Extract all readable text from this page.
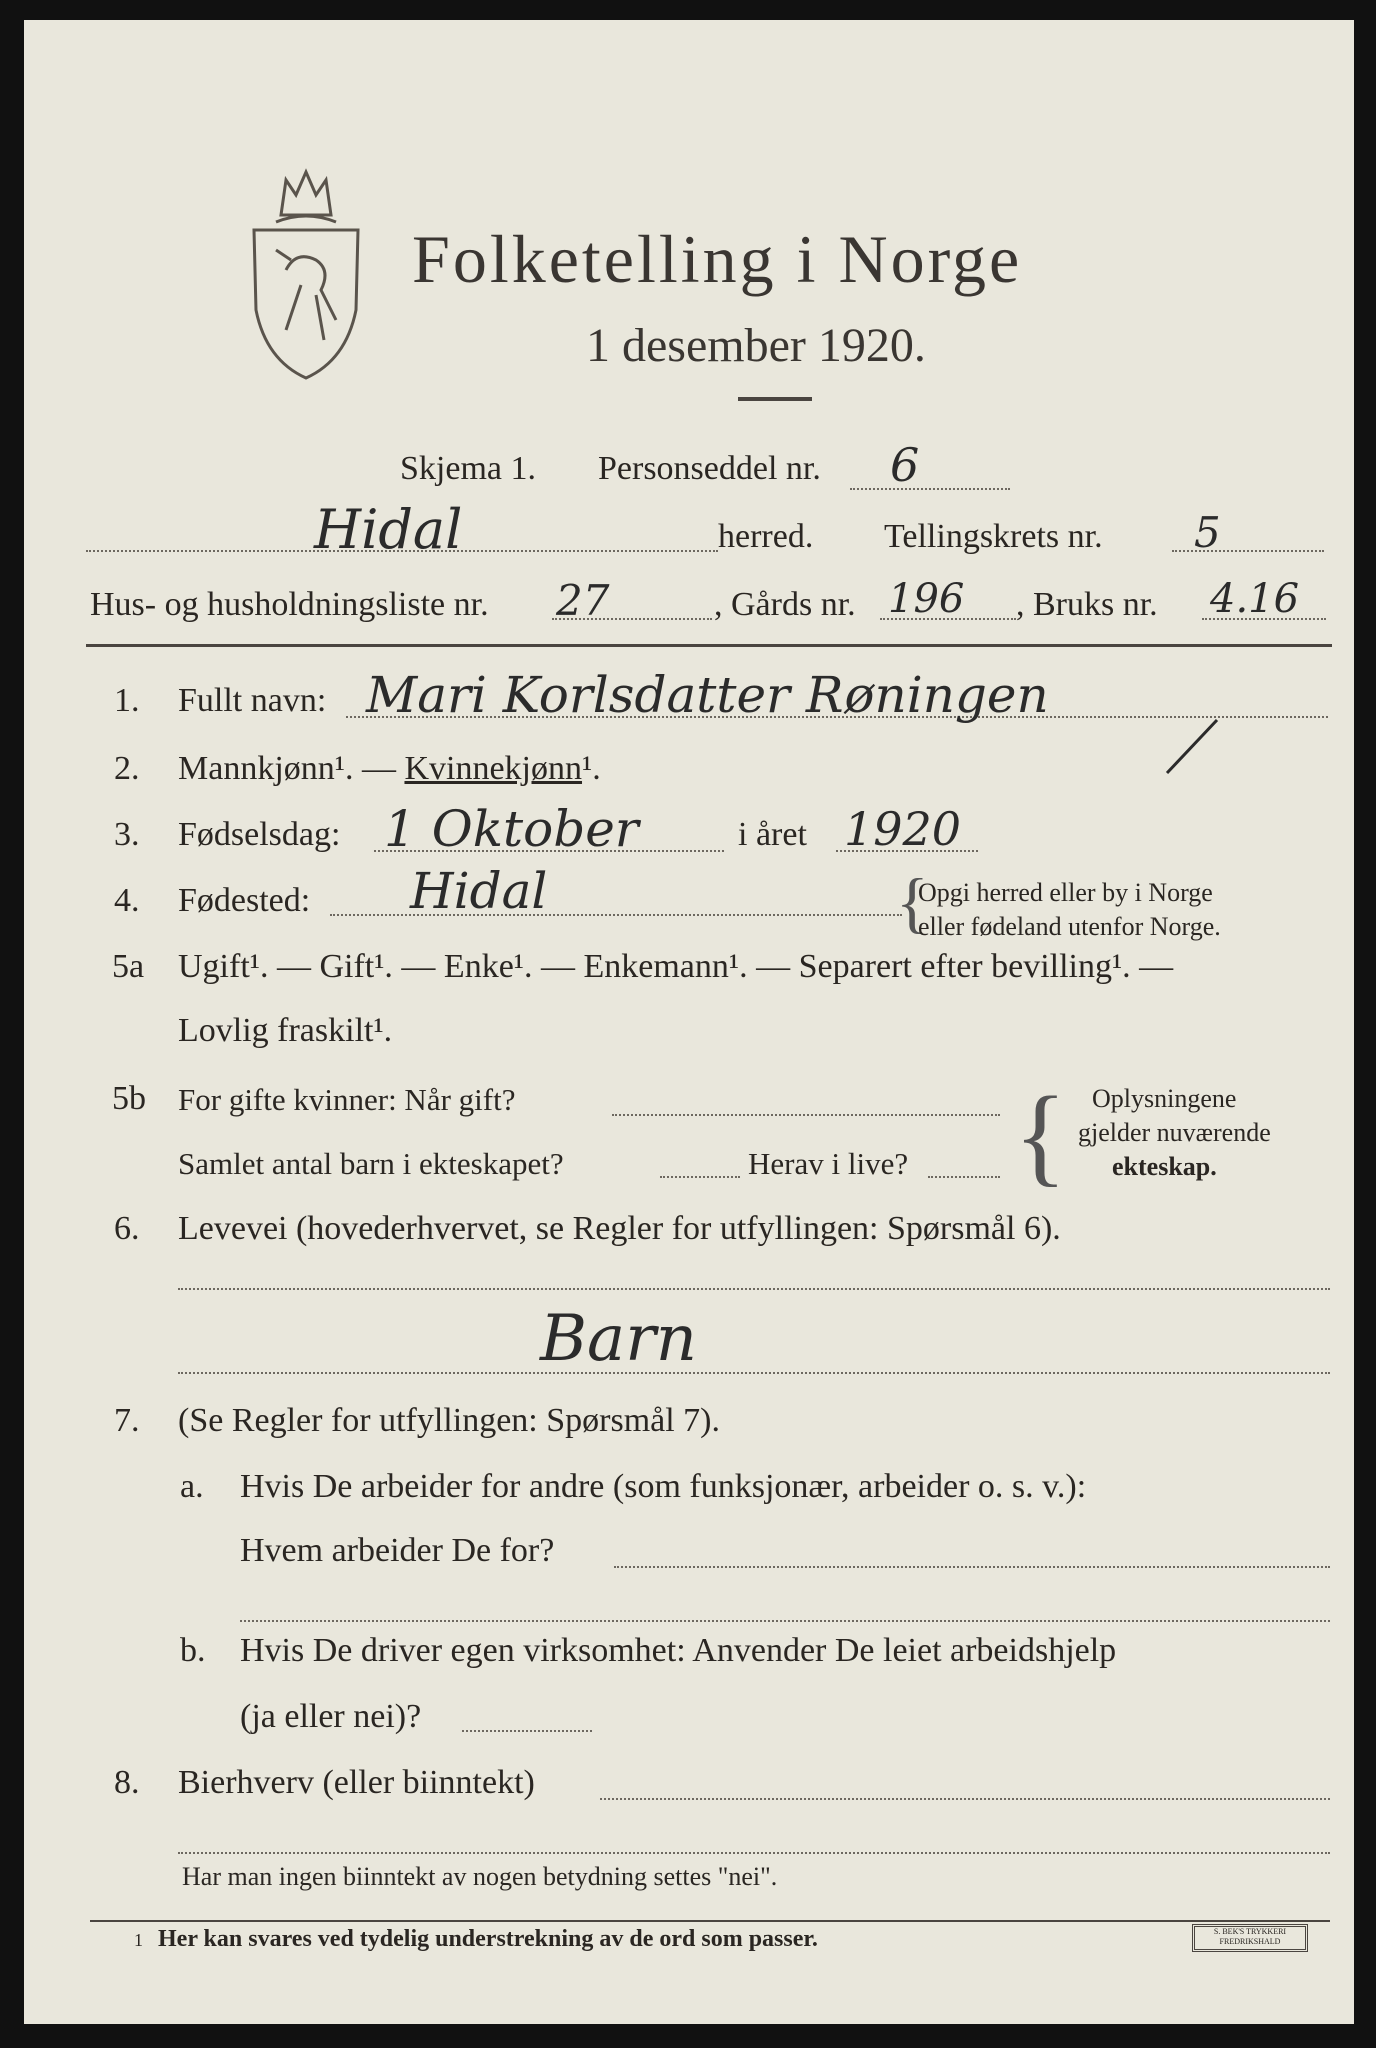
Folketelling i Norge
1 desember 1920.
Skjema 1. Personseddel nr. 6
Hidal	herred. Tellingskrets nr. 5
Hus- og husholdningsliste nr. 27	, Gårds nr. 196 , Bruks nr. 4.16
1. Fullt navn: Mari Korlsdatter Røningen
2. Mannkjønn¹. — Kvinnekjønn¹.
3. Fødselsdag: 1 Oktober	i året 1920
4. Fødested: Hidal	{
Opgi herred eller by i Norge
eller fødeland utenfor Norge.
5a Ugift¹. — Gift¹. — Enke¹. — Enkemann¹. — Separert efter bevilling¹. —
Lovlig fraskilt¹.
5b For gifte kvinner: Når gift?
Samlet antal barn i ekteskapet?	Herav i live? { Oplysningene
gjelder nuværende
ekteskap.
6. Levevei (hovederhvervet, se Regler for utfyllingen: Spørsmål 6).
Barn
7. (Se Regler for utfyllingen: Spørsmål 7).
a. Hvis De arbeider for andre (som funksjonær, arbeider o. s. v.):
Hvem arbeider De for?
b. Hvis De driver egen virksomhet: Anvender De leiet arbeidshjelp
(ja eller nei)?
8. Bierhverv (eller biinntekt)
Har man ingen biinntekt av nogen betydning settes "nei".
1 Her kan svares ved tydelig understrekning av de ord som passer.	S. BEK'S TRYKKERI FREDRIKSHALD
